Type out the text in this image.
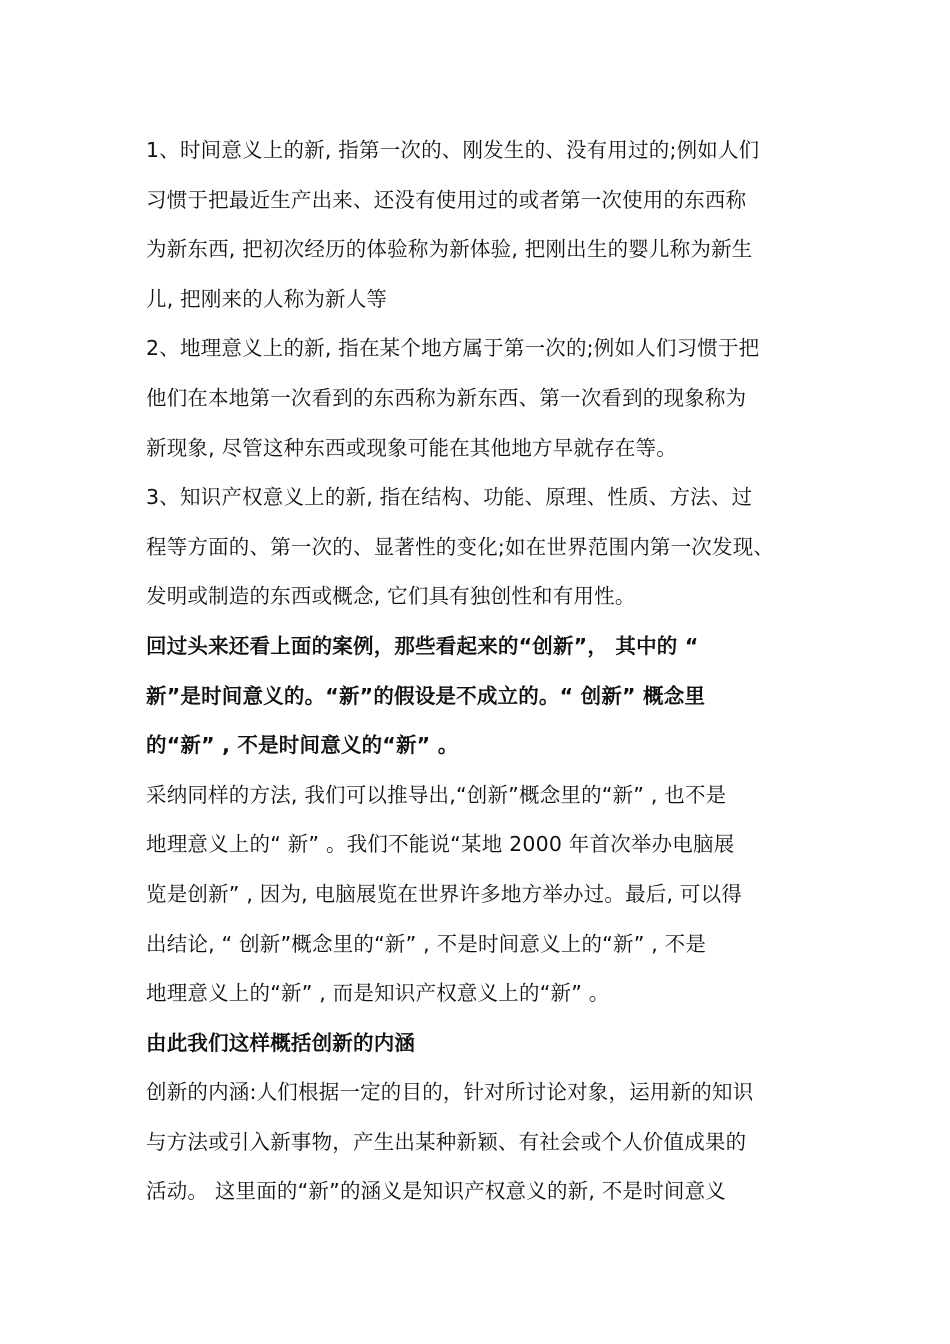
1、时间意义上的新, 指第一次的、刚发生的、没有用过的;例如人们
习惯于把最近生产出来、还没有使用过的或者第一次使用的东西称
为新东西, 把初次经历的体验称为新体验, 把刚出生的婴儿称为新生
儿, 把刚来的人称为新人等
2、地理意义上的新, 指在某个地方属于第一次的;例如人们习惯于把
他们在本地第一次看到的东西称为新东西、第一次看到的现象称为
新现象, 尽管这种东西或现象可能在其他地方早就存在等。
3、知识产权意义上的新, 指在结构、功能、原理、性质、方法、过
程等方面的、第一次的、显著性的变化;如在世界范围内第一次发现、
发明或制造的东西或概念, 它们具有独创性和有用性。
回过头来还看上面的案例，那些看起来的“创新”， 其中的 “
新”是时间意义的。“新”的假设是不成立的。“ 创新” 概念里
的“新” , 不是时间意义的“新” 。
采纳同样的方法, 我们可以推导出,“创新”概念里的“新” , 也不是
地理意义上的“ 新” 。我们不能说“某地 2000 年首次举办电脑展
览是创新” , 因为, 电脑展览在世界许多地方举办过。最后, 可以得
出结论, “ 创新”概念里的“新” , 不是时间意义上的“新” , 不是
地理意义上的“新” , 而是知识产权意义上的“新” 。
由此我们这样概括创新的内涵
创新的内涵:人们根据一定的目的，针对所讨论对象，运用新的知识
与方法或引入新事物，产生出某种新颖、有社会或个人价值成果的
活动。 这里面的“新”的涵义是知识产权意义的新, 不是时间意义
